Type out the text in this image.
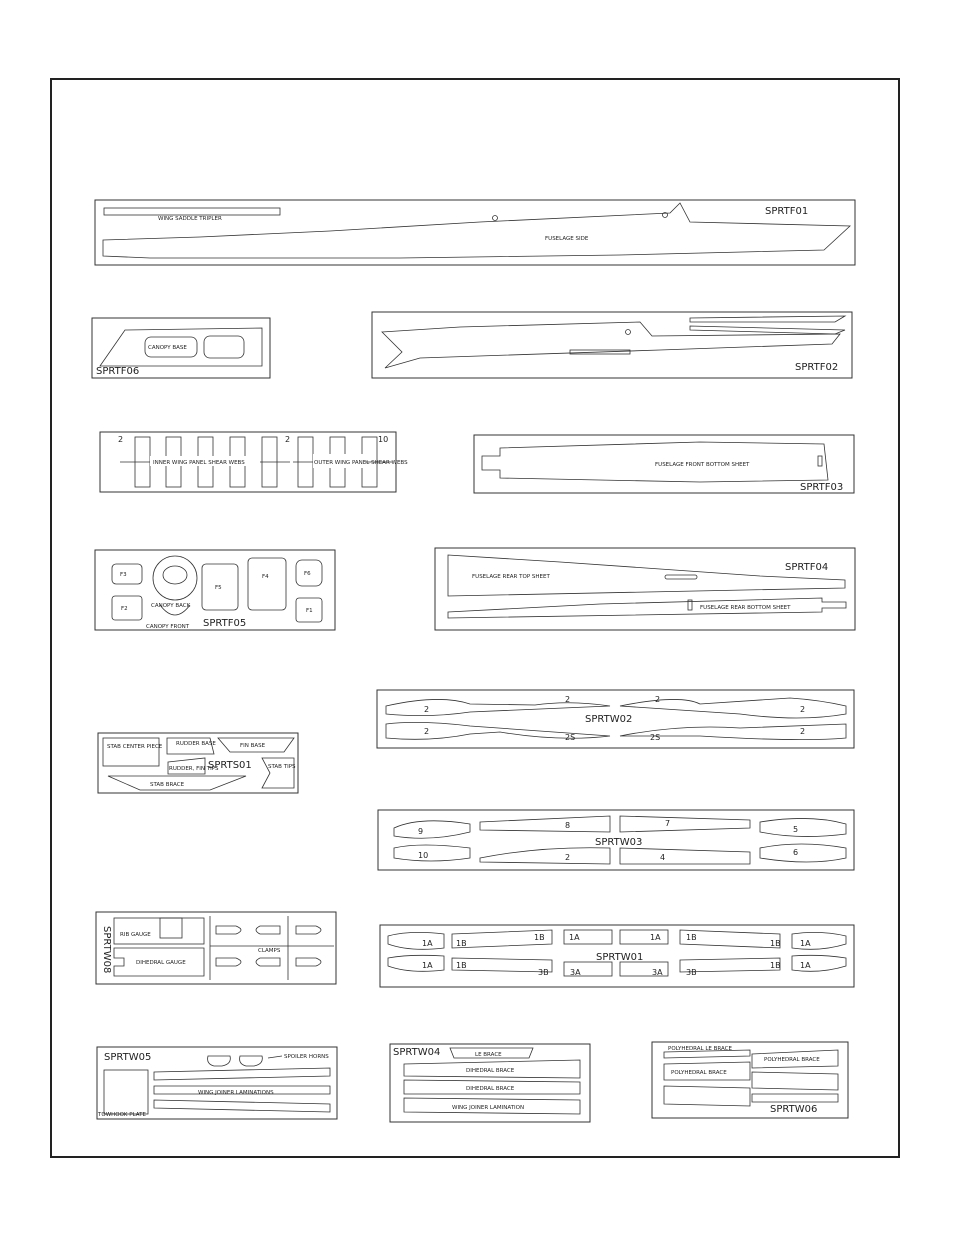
WING SADDLE TRIPLER
FUSELAGE SIDE
SPRTF01
CANOPY BASE
SPRTF06	SPRTF02
INNER WING PANEL SHEAR WEBS	OUTER WING PANEL SHEAR WEBS
2	2	10
FUSELAGE FRONT BOTTOM SHEET
SPRTF03
F3
F2	CANOPY BACK
CANOPY FRONT
F5
F4	F6
F1
SPRTF05
FUSELAGE REAR TOP SHEET
FUSELAGE REAR BOTTOM SHEET
SPRTF04
2
2	2
2
2	2
2S	2S
SPRTW02
STAB CENTER PIECE RUDDER BASE	FIN BASE
RUDDER, FIN TIPS	STAB TIPS
STAB BRACE
SPRTS01
9
10
8
2
7
4
5
6
SPRTW03
RIB GAUGE
DIHEDRAL GAUGE
CLAMPS
SPRTW08	1A	1B	1B 1A
1A
1B	1B
1A
3B	3A	3A	3B
1B
1A	1A
1B
SPRTW01
TOWHOOK PLATE
SPOILER HORNS
WING JOINER LAMINATIONS
SPRTW05	LE BRACE
DIHEDRAL BRACE
DIHEDRAL BRACE
WING JOINER LAMINATION
SPRTW04	POLYHEDRAL LE BRACE
POLYHEDRAL BRACE
POLYHEDRAL BRACE
SPRTW06
